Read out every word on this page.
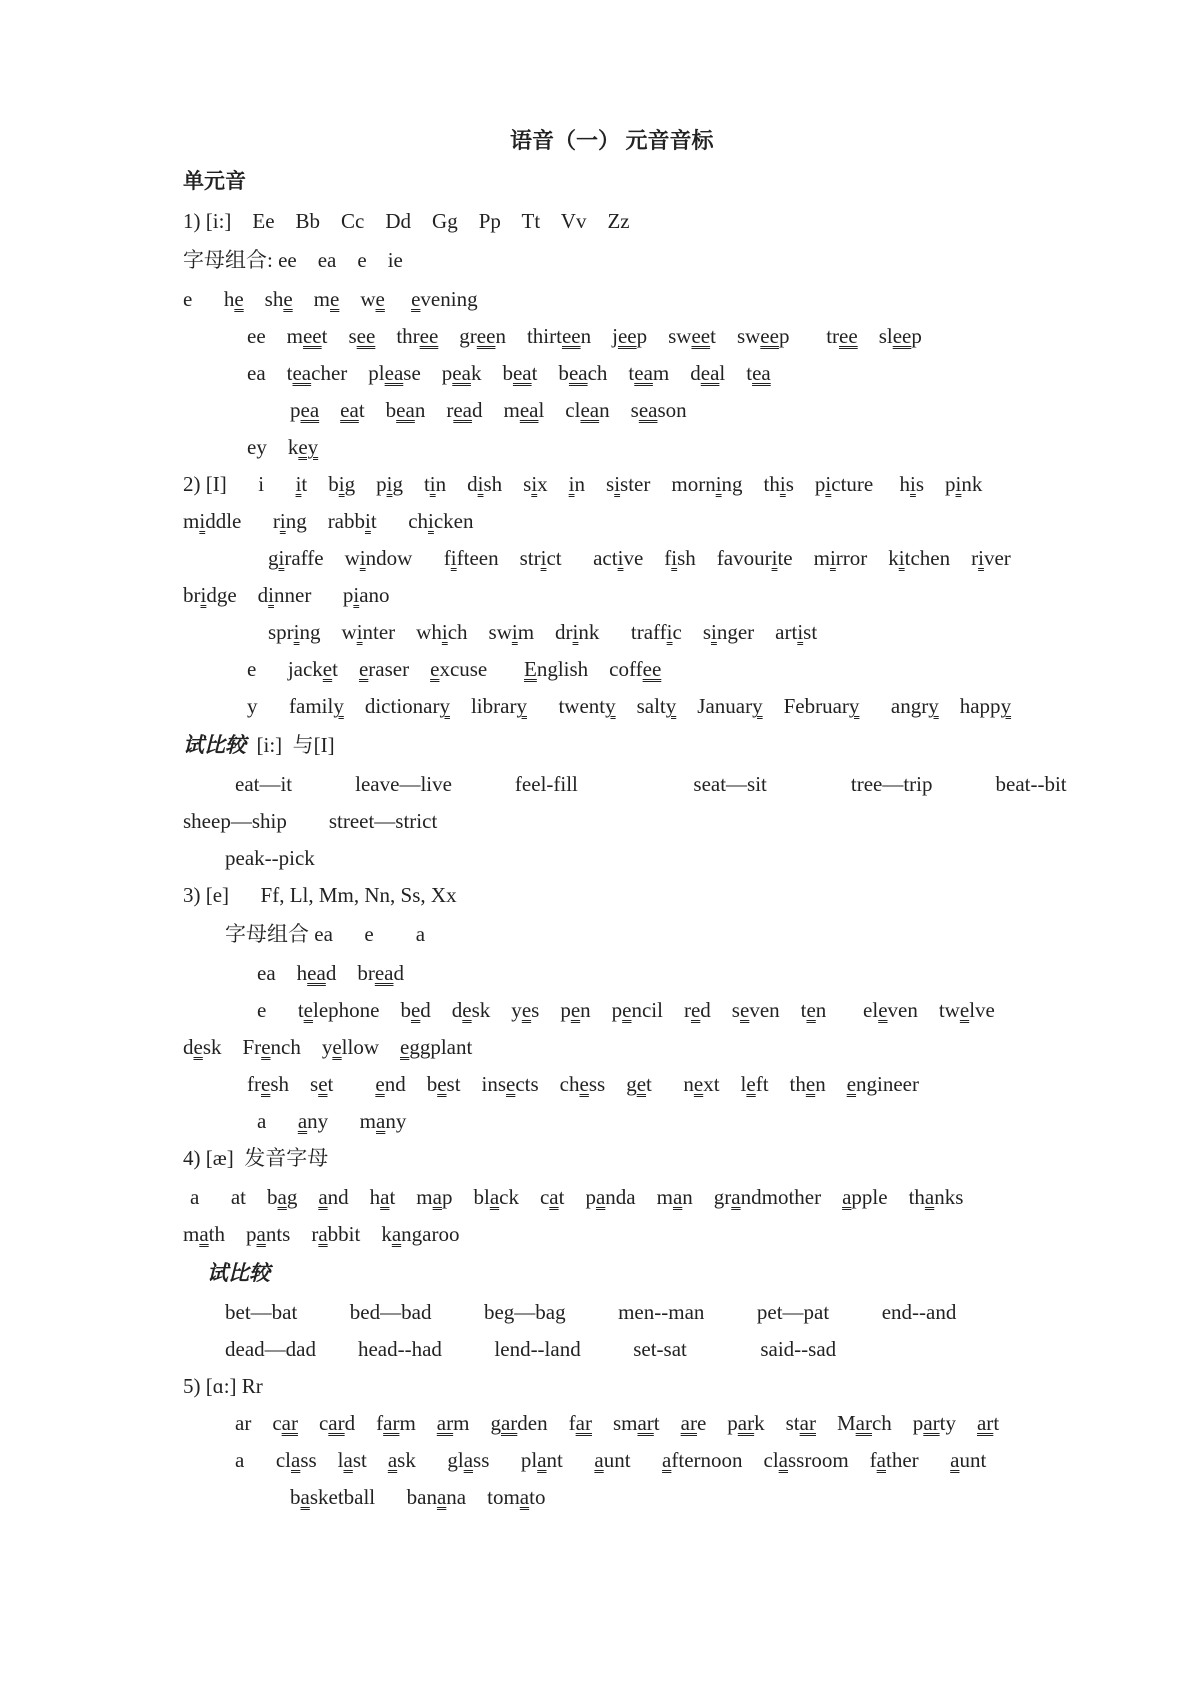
语音（一） 元音音标
单元音
1) [i:]    Ee    Bb    Cc    Dd    Gg    Pp    Tt    Vv    Zz
字母组合: ee    ea    e    ie
e      he    she    me    we evening
ee    meet    see    three    green    thirteen    jeep    sweet    sweep       tree    sleep
ea    teacher    please    peak    beat    beach    team    deal    tea
pea eat    bean    read    meal    clean    season
ey    key
2) [I]      i      it    big    pig    tin    dish    six    in    sister    morning    this    picture     his    pink
middle      ring    rabbit      chicken
giraffe    window      fifteen    strict      active    fish    favourite    mirror    kitchen    river
bridge    dinner      piano
spring    winter    which    swim    drink      traffic    singer    artist
e      jacket    eraser    excuse       English    coffee
y      family    dictionary    library      twenty    salty    January    February      angry    happy
试比较  [i:]  与[I]
eat—it            leave—live            feel-fill                      seat—sit                tree—trip            beat--bit
sheep—ship        street—strict
peak--pick
3) [e]      Ff, Ll, Mm, Nn, Ss, Xx
字母组合 ea      e        a
ea    head    bread
e      telephone    bed    desk    yes    pen    pencil    red    seven    ten       eleven    twelve
desk    French    yellow    eggplant
fresh    set        end    best    insects    chess    get      next    left    then    engineer
a      any      many
4) [æ]  发音字母
a      at    bag    and    hat    map    black    cat    panda    man    grandmother    apple    thanks
math    pants    rabbit    kangaroo
试比较
bet—bat          bed—bad          beg—bag          men--man          pet—pat          end--and
dead—dad        head--had          lend--land          set-sat              said--sad
5) [ɑ:] Rr
ar    car    card    farm    arm    garden    far    smart    are    park    star    March    party    art
a      class    last    ask      glass      plant      aunt      afternoon    classroom    father      aunt
basketball      banana    tomato
